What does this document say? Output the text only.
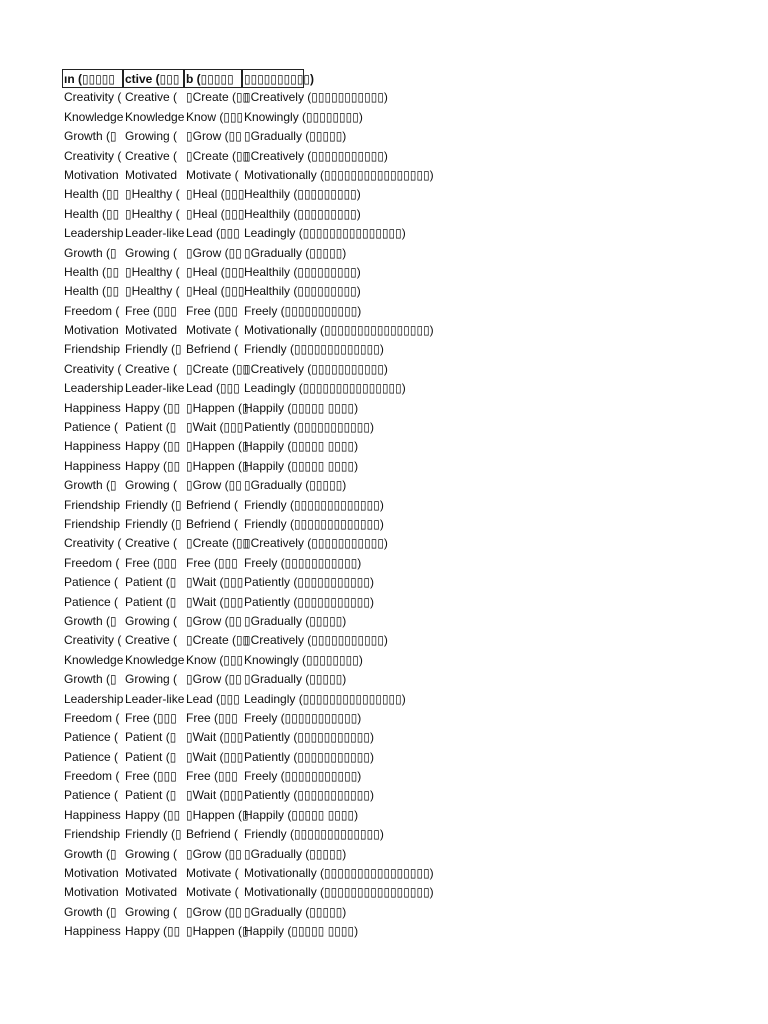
ın (▯▯▯▯▯ ctive (▯▯▯ b (▯▯▯▯▯ ▯▯▯▯▯▯▯▯▯▯)
Creativity ( Creative ( ▯Create (▯▯
▯Creatively (▯▯▯▯▯▯▯▯▯▯▯)
Knowledge Knowledge Know (▯▯▯ Knowingly (▯▯▯▯▯▯▯▯)
Growth (▯ Growing ( ▯Grow (▯▯ ▯Gradually (▯▯▯▯▯)
Creativity ( Creative ( ▯Create (▯▯
▯Creatively (▯▯▯▯▯▯▯▯▯▯▯)
Motivation Motivated Motivate ( Motivationally (▯▯▯▯▯▯▯▯▯▯▯▯▯▯▯▯)
Health (▯▯ ▯Healthy ( ▯Heal (▯▯▯ Healthily (▯▯▯▯▯▯▯▯▯)
Health (▯▯ ▯Healthy ( ▯Heal (▯▯▯ Healthily (▯▯▯▯▯▯▯▯▯)
Leadership Leader-like Lead (▯▯▯ Leadingly (▯▯▯▯▯▯▯▯▯▯▯▯▯▯▯)
Growth (▯ Growing ( ▯Grow (▯▯ ▯Gradually (▯▯▯▯▯)
Health (▯▯ ▯Healthy ( ▯Heal (▯▯▯ Healthily (▯▯▯▯▯▯▯▯▯)
Health (▯▯ ▯Healthy ( ▯Heal (▯▯▯ Healthily (▯▯▯▯▯▯▯▯▯)
Freedom ( Free (▯▯▯ Free (▯▯▯ Freely (▯▯▯▯▯▯▯▯▯▯▯)
Motivation Motivated Motivate ( Motivationally (▯▯▯▯▯▯▯▯▯▯▯▯▯▯▯▯)
Friendship Friendly (▯ Befriend ( Friendly (▯▯▯▯▯▯▯▯▯▯▯▯▯)
Creativity ( Creative ( ▯Create (▯▯
▯Creatively (▯▯▯▯▯▯▯▯▯▯▯)
Leadership Leader-like Lead (▯▯▯ Leadingly (▯▯▯▯▯▯▯▯▯▯▯▯▯▯▯)
Happiness Happy (▯▯ ▯Happen (▯
Happily (▯▯▯▯▯ ▯▯▯▯)
Patience ( Patient (▯ ▯Wait (▯▯▯ Patiently (▯▯▯▯▯▯▯▯▯▯▯)
Happiness Happy (▯▯ ▯Happen (▯
Happily (▯▯▯▯▯ ▯▯▯▯)
Happiness Happy (▯▯ ▯Happen (▯
Happily (▯▯▯▯▯ ▯▯▯▯)
Growth (▯ Growing ( ▯Grow (▯▯ ▯Gradually (▯▯▯▯▯)
Friendship Friendly (▯ Befriend ( Friendly (▯▯▯▯▯▯▯▯▯▯▯▯▯)
Friendship Friendly (▯ Befriend ( Friendly (▯▯▯▯▯▯▯▯▯▯▯▯▯)
Creativity ( Creative ( ▯Create (▯▯
▯Creatively (▯▯▯▯▯▯▯▯▯▯▯)
Freedom ( Free (▯▯▯ Free (▯▯▯ Freely (▯▯▯▯▯▯▯▯▯▯▯)
Patience ( Patient (▯ ▯Wait (▯▯▯ Patiently (▯▯▯▯▯▯▯▯▯▯▯)
Patience ( Patient (▯ ▯Wait (▯▯▯ Patiently (▯▯▯▯▯▯▯▯▯▯▯)
Growth (▯ Growing ( ▯Grow (▯▯ ▯Gradually (▯▯▯▯▯)
Creativity ( Creative ( ▯Create (▯▯
▯Creatively (▯▯▯▯▯▯▯▯▯▯▯)
Knowledge Knowledge Know (▯▯▯ Knowingly (▯▯▯▯▯▯▯▯)
Growth (▯ Growing ( ▯Grow (▯▯ ▯Gradually (▯▯▯▯▯)
Leadership Leader-like Lead (▯▯▯ Leadingly (▯▯▯▯▯▯▯▯▯▯▯▯▯▯▯)
Freedom ( Free (▯▯▯ Free (▯▯▯ Freely (▯▯▯▯▯▯▯▯▯▯▯)
Patience ( Patient (▯ ▯Wait (▯▯▯ Patiently (▯▯▯▯▯▯▯▯▯▯▯)
Patience ( Patient (▯ ▯Wait (▯▯▯ Patiently (▯▯▯▯▯▯▯▯▯▯▯)
Freedom ( Free (▯▯▯ Free (▯▯▯ Freely (▯▯▯▯▯▯▯▯▯▯▯)
Patience ( Patient (▯ ▯Wait (▯▯▯ Patiently (▯▯▯▯▯▯▯▯▯▯▯)
Happiness Happy (▯▯ ▯Happen (▯
Happily (▯▯▯▯▯ ▯▯▯▯)
Friendship Friendly (▯ Befriend ( Friendly (▯▯▯▯▯▯▯▯▯▯▯▯▯)
Growth (▯ Growing ( ▯Grow (▯▯ ▯Gradually (▯▯▯▯▯)
Motivation Motivated Motivate ( Motivationally (▯▯▯▯▯▯▯▯▯▯▯▯▯▯▯▯)
Motivation Motivated Motivate ( Motivationally (▯▯▯▯▯▯▯▯▯▯▯▯▯▯▯▯)
Growth (▯ Growing ( ▯Grow (▯▯ ▯Gradually (▯▯▯▯▯)
Happiness Happy (▯▯ ▯Happen (▯
Happily (▯▯▯▯▯ ▯▯▯▯)
